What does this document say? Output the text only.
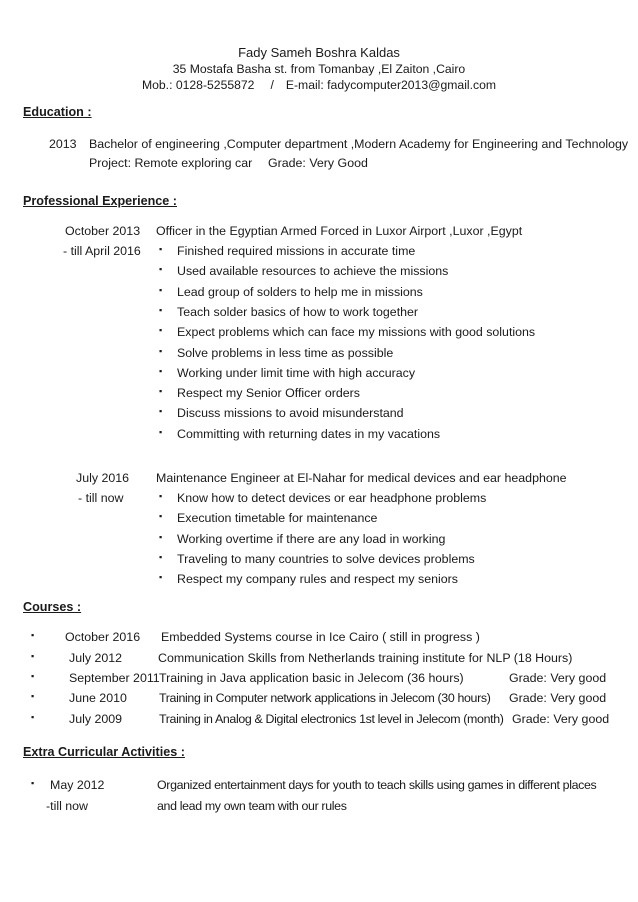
Fady Sameh Boshra Kaldas
35 Mostafa Basha st. from Tomanbay ,El Zaiton ,Cairo
Mob.: 0128-5255872 / E-mail: fadycomputer2013@gmail.com
Education :
2013 Bachelor of engineering ,Computer department ,Modern Academy for Engineering and Technology
Project: Remote exploring car Grade: Very Good
Professional Experience :
October 2013 Officer in the Egyptian Armed Forced in Luxor Airport ,Luxor ,Egypt
- till April 2016 ▪ Finished required missions in accurate time
▪ Used available resources to achieve the missions
▪ Lead group of solders to help me in missions
▪ Teach solder basics of how to work together
▪ Expect problems which can face my missions with good solutions
▪ Solve problems in less time as possible
▪ Working under limit time with high accuracy
▪ Respect my Senior Officer orders
▪ Discuss missions to avoid misunderstand
▪ Committing with returning dates in my vacations
July 2016 Maintenance Engineer at El-Nahar for medical devices and ear headphone
- till now	▪ Know how to detect devices or ear headphone problems
▪ Execution timetable for maintenance
▪ Working overtime if there are any load in working
▪ Traveling to many countries to solve devices problems
▪ Respect my company rules and respect my seniors
Courses :
▪ October 2016 Embedded Systems course in Ice Cairo ( still in progress )
▪	July 2012	Communication Skills from Netherlands training institute for NLP (18 Hours)
▪	September 2011 Training in Java application basic in Jelecom (36 hours)	Grade: Very good
▪	June 2010	Training in Computer network applications in Jelecom (30 hours) Grade: Very good
▪	July 2009	Training in Analog & Digital electronics 1st level in Jelecom (month) Grade: Very good
Extra Curricular Activities :
▪ May 2012	Organized entertainment days for youth to teach skills using games in different places
-till now	and lead my own team with our rules
